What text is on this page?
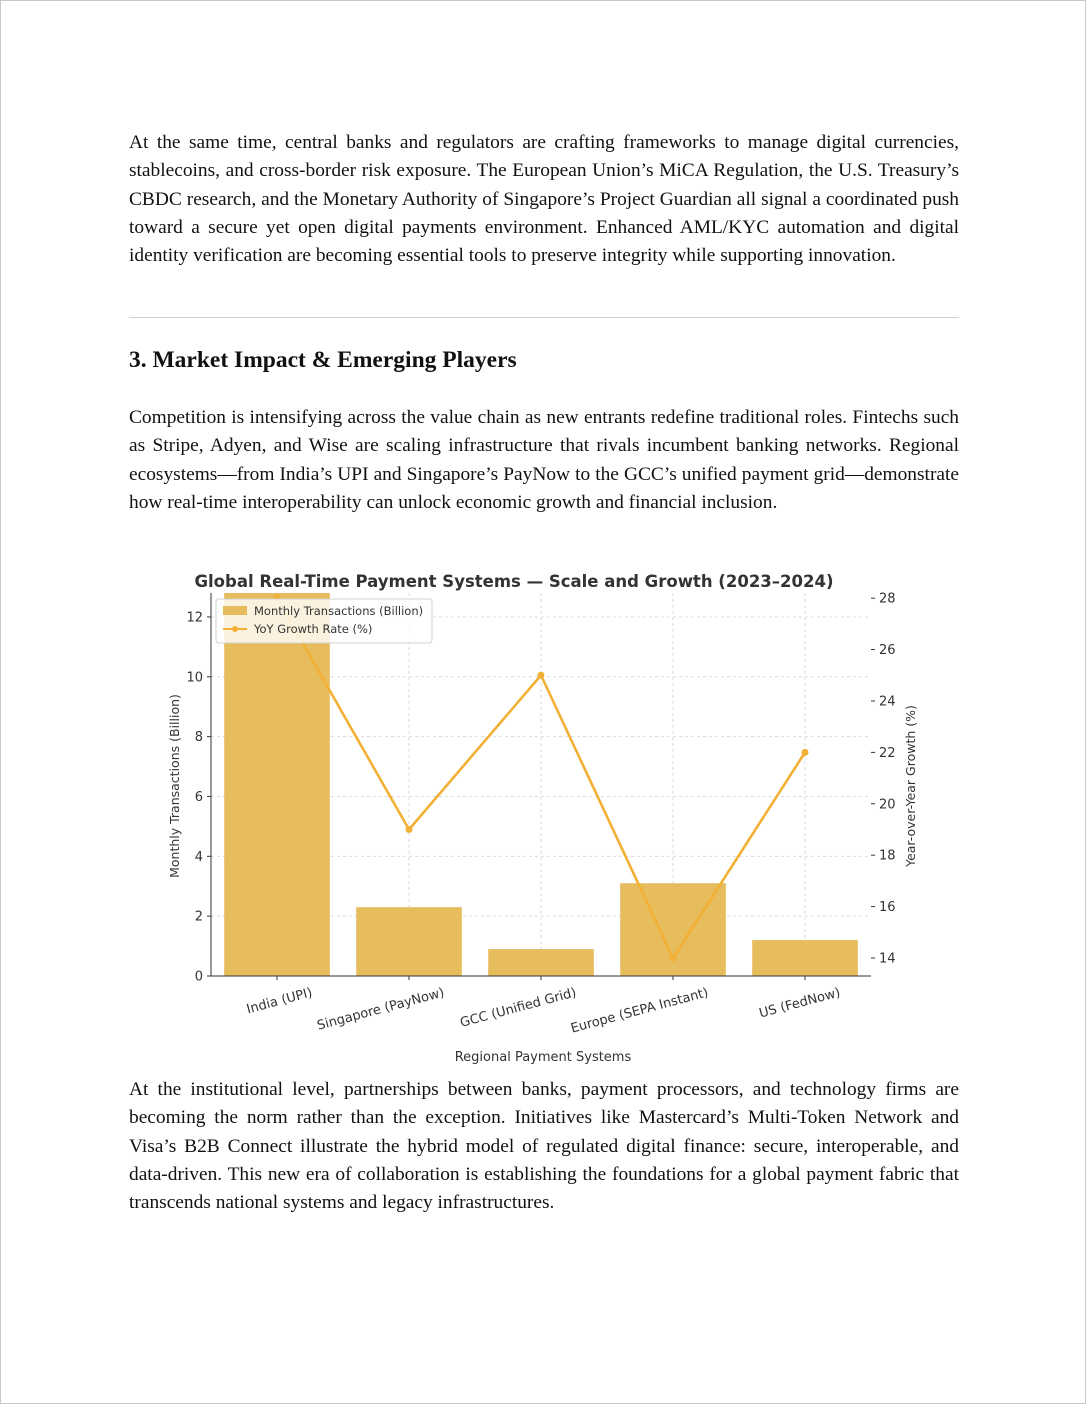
At the same time, central banks and regulators are crafting frameworks to manage digital currencies, stablecoins, and cross-border risk exposure. The European Union’s MiCA Regulation, the U.S. Treasury’s CBDC research, and the Monetary Authority of Singapore’s Project Guardian all signal a coordinated push toward a secure yet open digital payments environment. Enhanced AML/KYC automation and digital identity verification are becoming essential tools to preserve integrity while supporting innovation.

3. Market Impact & Emerging Players

Competition is intensifying across the value chain as new entrants redefine traditional roles. Fintechs such as Stripe, Adyen, and Wise are scaling infrastructure that rivals incumbent banking networks. Regional ecosystems—from India’s UPI and Singapore’s PayNow to the GCC’s unified payment grid—demonstrate how real-time interoperability can unlock economic growth and financial inclusion.

Global Real-Time Payment Systems — Scale and Growth (2023–2024)
0
2
4
6
8
10
12
14
16
18
20
22
24
26
28
India (UPI) Singapore (PayNow) GCC (Unified Grid)
Europe (SEPA Instant)	US (FedNow)
Regional Payment Systems
Monthly Transactions (Billion)	Year-over-Year Growth (%)
Monthly Transactions (Billion)
YoY Growth Rate (%)

At the institutional level, partnerships between banks, payment processors, and technology firms are becoming the norm rather than the exception. Initiatives like Mastercard’s Multi-Token Network and Visa’s B2B Connect illustrate the hybrid model of regulated digital finance: secure, interoperable, and data-driven. This new era of collaboration is establishing the foundations for a global payment fabric that transcends national systems and legacy infrastructures.
